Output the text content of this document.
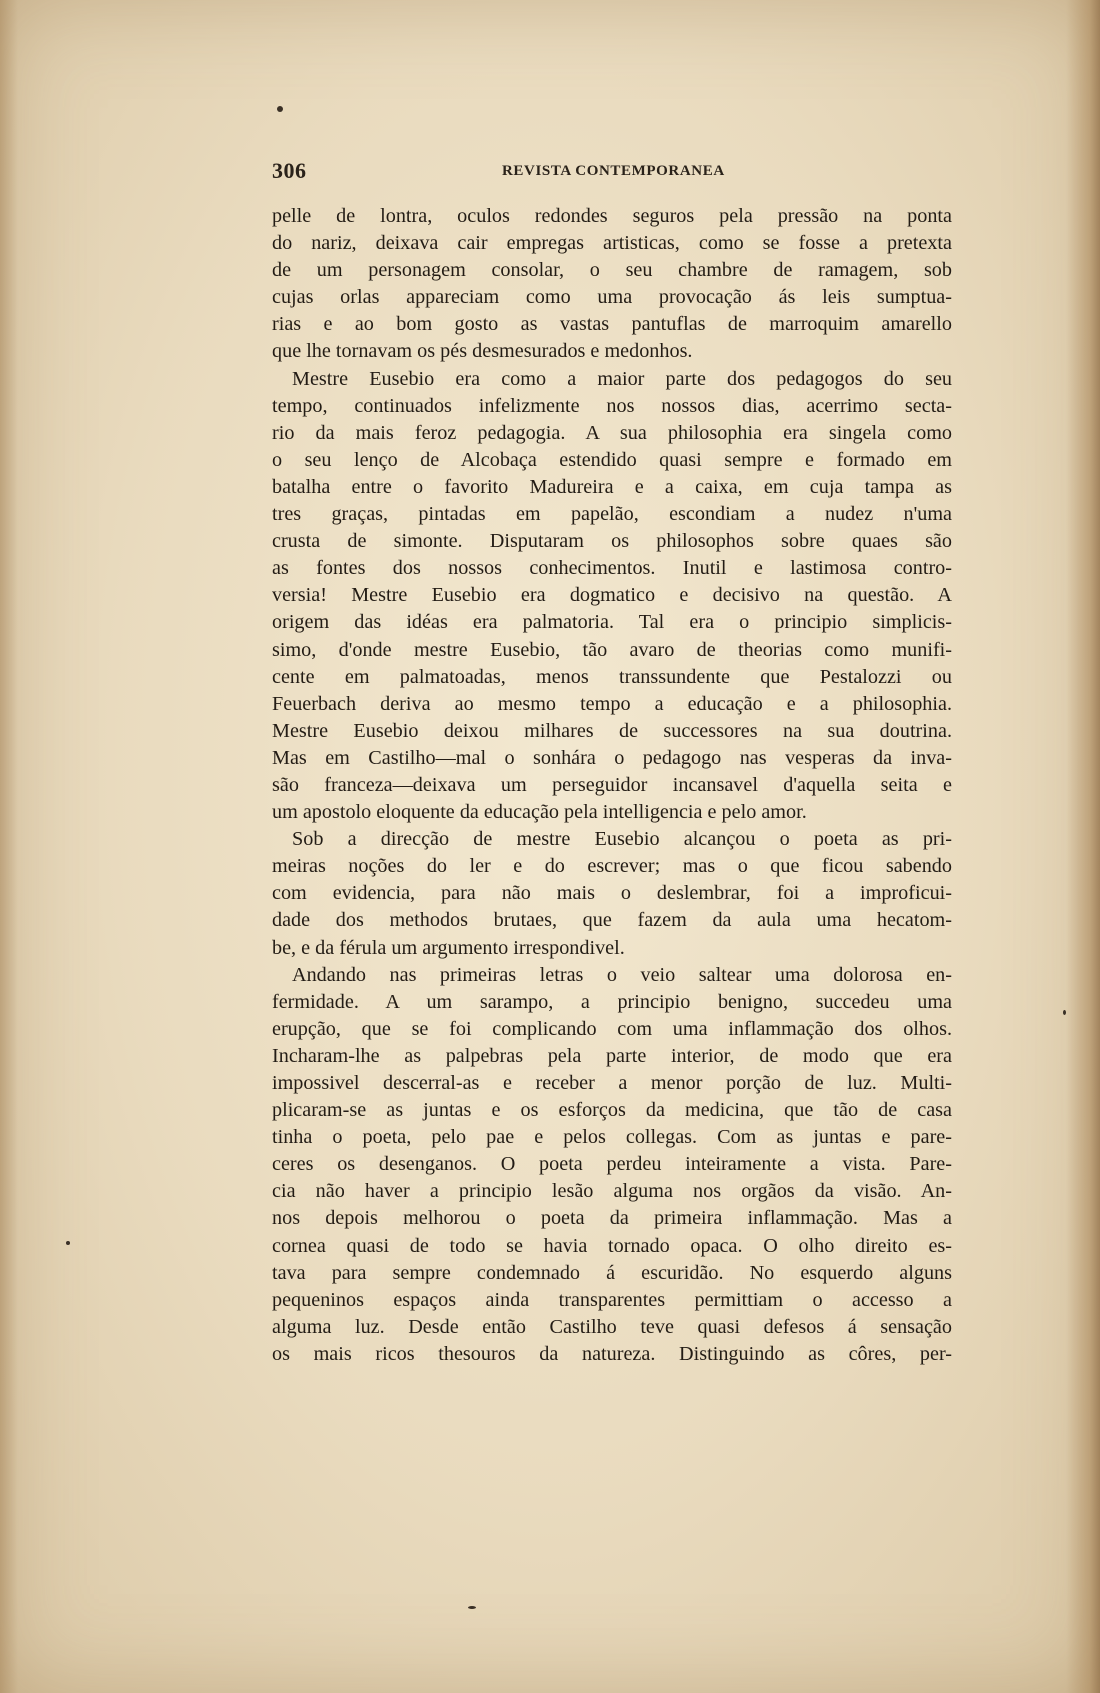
306	REVISTA CONTEMPORANEA
pelle de lontra, oculos redondes seguros pela pressão na ponta
do nariz, deixava cair empregas artisticas, como se fosse a pretexta
de um personagem consolar, o seu chambre de ramagem, sob
cujas orlas appareciam como uma provocação ás leis sumptua-
rias e ao bom gosto as vastas pantuflas de marroquim amarello
que lhe tornavam os pés desmesurados e medonhos.
Mestre Eusebio era como a maior parte dos pedagogos do seu
tempo, continuados infelizmente nos nossos dias, acerrimo secta-
rio da mais feroz pedagogia. A sua philosophia era singela como
o seu lenço de Alcobaça estendido quasi sempre e formado em
batalha entre o favorito Madureira e a caixa, em cuja tampa as
tres graças, pintadas em papelão, escondiam a nudez n'uma
crusta de simonte. Disputaram os philosophos sobre quaes são
as fontes dos nossos conhecimentos. Inutil e lastimosa contro-
versia! Mestre Eusebio era dogmatico e decisivo na questão. A
origem das idéas era palmatoria. Tal era o principio simplicis-
simo, d'onde mestre Eusebio, tão avaro de theorias como munifi-
cente em palmatoadas, menos transsundente que Pestalozzi ou
Feuerbach deriva ao mesmo tempo a educação e a philosophia.
Mestre Eusebio deixou milhares de successores na sua doutrina.
Mas em Castilho—mal o sonhára o pedagogo nas vesperas da inva-
são franceza—deixava um perseguidor incansavel d'aquella seita e
um apostolo eloquente da educação pela intelligencia e pelo amor.
Sob a direcção de mestre Eusebio alcançou o poeta as pri-
meiras noções do ler e do escrever; mas o que ficou sabendo
com evidencia, para não mais o deslembrar, foi a improficui-
dade dos methodos brutaes, que fazem da aula uma hecatom-
be, e da férula um argumento irrespondivel.
Andando nas primeiras letras o veio saltear uma dolorosa en-
fermidade. A um sarampo, a principio benigno, succedeu uma
erupção, que se foi complicando com uma inflammação dos olhos.
Incharam-lhe as palpebras pela parte interior, de modo que era
impossivel descerral-as e receber a menor porção de luz. Multi-
plicaram-se as juntas e os esforços da medicina, que tão de casa
tinha o poeta, pelo pae e pelos collegas. Com as juntas e pare-
ceres os desenganos. O poeta perdeu inteiramente a vista. Pare-
cia não haver a principio lesão alguma nos orgãos da visão. An-
nos depois melhorou o poeta da primeira inflammação. Mas a
cornea quasi de todo se havia tornado opaca. O olho direito es-
tava para sempre condemnado á escuridão. No esquerdo alguns
pequeninos espaços ainda transparentes permittiam o accesso a
alguma luz. Desde então Castilho teve quasi defesos á sensação
os mais ricos thesouros da natureza. Distinguindo as côres, per-
